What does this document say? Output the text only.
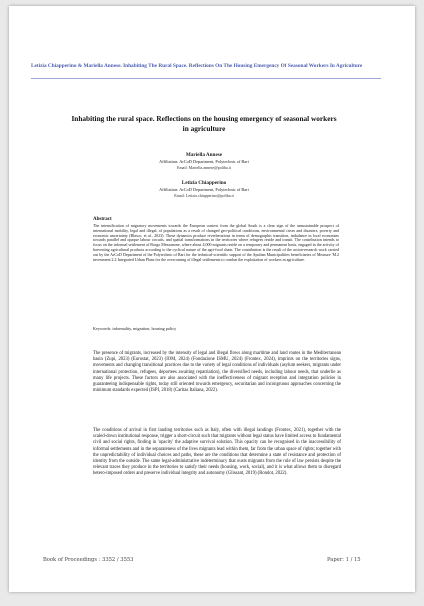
Letizia Chiapperino & Mariella Annese. Inhabiting The Rural Space. Reflections On The Housing Emergency Of Seasonal Workers In Agriculture
Inhabiting the rural space. Reflections on the housing emergency of seasonal workers in agriculture
Mariella Annese
Affiliation: ArCoD Department, Polytechnic of Bari
Email: Mariella.annese@poliba.it
Letizia Chiapperino
Affiliation: ArCoD Department, Polytechnic of Bari
Email: Letizia.chiapperino@poliba.it
Abstract
The intensification of migratory movements towards the European context from the global South is a clear sign of the unsustainable prospect of international mobility, legal and illegal, of populations as a result of changed geo-political conditions, environmental crises and disasters, poverty and economic uncertainty (Blasco, et al., 2023). These dynamics produce reverberations in terms of demographic transition, imbalance in local economies towards parallel and opaque labour circuits, and spatial transformations in the territories where refugees reside and transit. The contribution intends to focus on the informal settlement of Borgo Mezzanone, where about 4,000 migrants reside on a temporary and permanent basis, engaged in the activity of harvesting agricultural products according to the cyclical nature of the agri-food chain. The contribution is the result of the action-research work carried out by the ArCoD Department of the Polytechnic of Bari for the technical-scientific support of the Apulian Municipalities beneficiaries of Measure 'M.2 investment 2.2 Integrated Urban Plans for the overcoming of illegal settlements to combat the exploitation of workers in agriculture.
Keywords: informality, migration, housing policy
The presence of migrants, increased by the intensity of legal and illegal flows along maritime and land routes in the Mediterranean basin (Zupi, 2023) (Eurostat, 2023) (IOM, 2024) (Fondazione ISMU, 2024) (Frontex, 2024), imprints on the territories signs, movements and changing transitional practices due to the variety of legal conditions of individuals (asylum seekers, migrants under international protection, refugees, deportees awaiting repatriation), the diversified needs, including labour needs, that underlie as many life projects. These factors are also associated with the ineffectiveness of migrant reception and integration policies in guaranteeing indispensable rights, today still oriented towards emergency, securitarian and incongruous approaches concerning the minimum standards expected (ISPI, 2018) (Caritas Italiana, 2022).
The conditions of arrival in first landing territories such as Italy, often with illegal landings (Frontex, 2021), together with the scaled-down institutional response, trigger a short-circuit such that migrants without legal status have limited access to fundamental civil and social rights, finding in 'opacity' the adaptive survival solution. This opacity can be recognised in the inaccessibility of informal settlements and in the separateness of the lives migrants lead within them, far from the urban space of rights; together with the unpredictability of individual choices and paths, these are the conditions that determine a state of resistance and protection of identity from the outside. The same legal-administrative indeterminacy that ousts migrants from the rule of law persists despite the relevant traces they produce in the territories to satisfy their needs (housing, work, social), and it is what allows them to disregard hetero-imposed orders and preserve individual integrity and autonomy (Glissant, 2019) (Rondot, 2022).
Book of Proceedings : 3352 / 3553	Paper: 1 / 15
